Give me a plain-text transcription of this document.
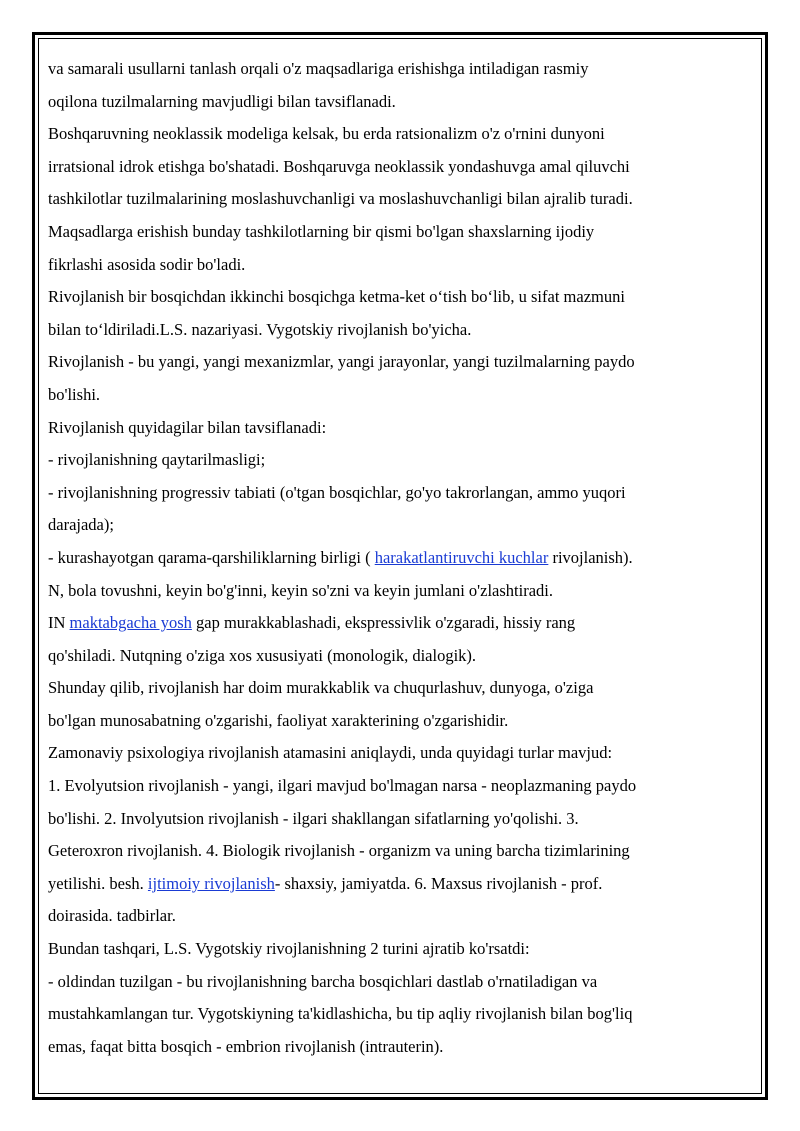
va samarali usullarni tanlash orqali o'z maqsadlariga erishishga intiladigan rasmiy
oqilona tuzilmalarning mavjudligi bilan tavsiflanadi.
Boshqaruvning neoklassik modeliga kelsak, bu erda ratsionalizm o'z o'rnini dunyoni
irratsional idrok etishga bo'shatadi. Boshqaruvga neoklassik yondashuvga amal qiluvchi
tashkilotlar tuzilmalarining moslashuvchanligi va moslashuvchanligi bilan ajralib turadi.
Maqsadlarga erishish bunday tashkilotlarning bir qismi bo'lgan shaxslarning ijodiy
fikrlashi asosida sodir bo'ladi.
Rivojlanish bir bosqichdan ikkinchi bosqichga ketma-ket o‘tish bo‘lib, u sifat mazmuni
bilan to‘ldiriladi.L.S. nazariyasi. Vygotskiy rivojlanish bo'yicha.
Rivojlanish - bu yangi, yangi mexanizmlar, yangi jarayonlar, yangi tuzilmalarning paydo
bo'lishi.
Rivojlanish quyidagilar bilan tavsiflanadi:
- rivojlanishning qaytarilmasligi;
- rivojlanishning progressiv tabiati (o'tgan bosqichlar, go'yo takrorlangan, ammo yuqori
darajada);
- kurashayotgan qarama-qarshiliklarning birligi ( harakatlantiruvchi kuchlar rivojlanish).
N, bola tovushni, keyin bo'g'inni, keyin so'zni va keyin jumlani o'zlashtiradi.
IN maktabgacha yosh gap murakkablashadi, ekspressivlik o'zgaradi, hissiy rang
qo'shiladi. Nutqning o'ziga xos xususiyati (monologik, dialogik).
Shunday qilib, rivojlanish har doim murakkablik va chuqurlashuv, dunyoga, o'ziga
bo'lgan munosabatning o'zgarishi, faoliyat xarakterining o'zgarishidir.
Zamonaviy psixologiya rivojlanish atamasini aniqlaydi, unda quyidagi turlar mavjud:
1. Evolyutsion rivojlanish - yangi, ilgari mavjud bo'lmagan narsa - neoplazmaning paydo
bo'lishi. 2. Involyutsion rivojlanish - ilgari shakllangan sifatlarning yo'qolishi. 3.
Geteroxron rivojlanish. 4. Biologik rivojlanish - organizm va uning barcha tizimlarining
yetilishi. besh. ijtimoiy rivojlanish- shaxsiy, jamiyatda. 6. Maxsus rivojlanish - prof.
doirasida. tadbirlar.
Bundan tashqari, L.S. Vygotskiy rivojlanishning 2 turini ajratib ko'rsatdi:
- oldindan tuzilgan - bu rivojlanishning barcha bosqichlari dastlab o'rnatiladigan va
mustahkamlangan tur. Vygotskiyning ta'kidlashicha, bu tip aqliy rivojlanish bilan bog'liq
emas, faqat bitta bosqich - embrion rivojlanish (intrauterin).
